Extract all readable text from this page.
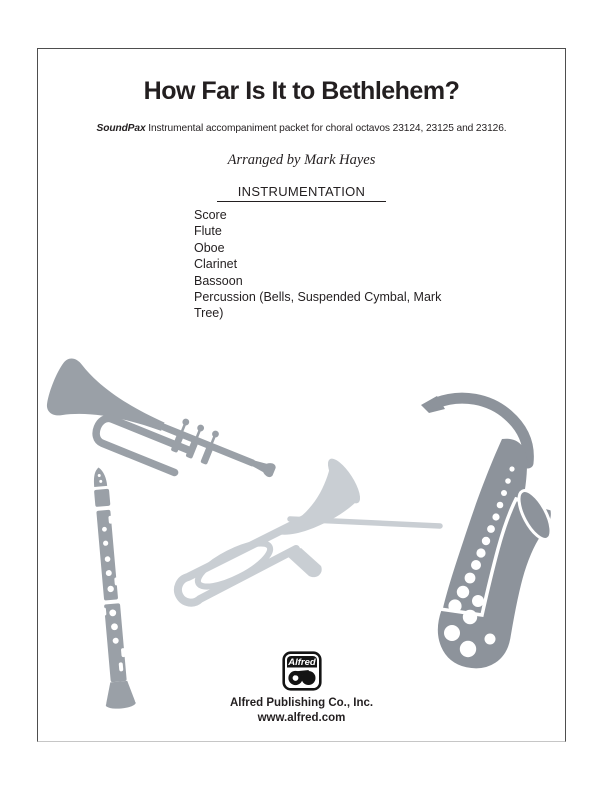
How Far Is It to Bethlehem?
SoundPax Instrumental accompaniment packet for choral octavos 23124, 23125 and 23126.
Arranged by Mark Hayes
INSTRUMENTATION
Score
Flute
Oboe
Clarinet
Bassoon
Percussion (Bells, Suspended Cymbal, Mark Tree)
Alfred
Alfred Publishing Co., Inc.
www.alfred.com
